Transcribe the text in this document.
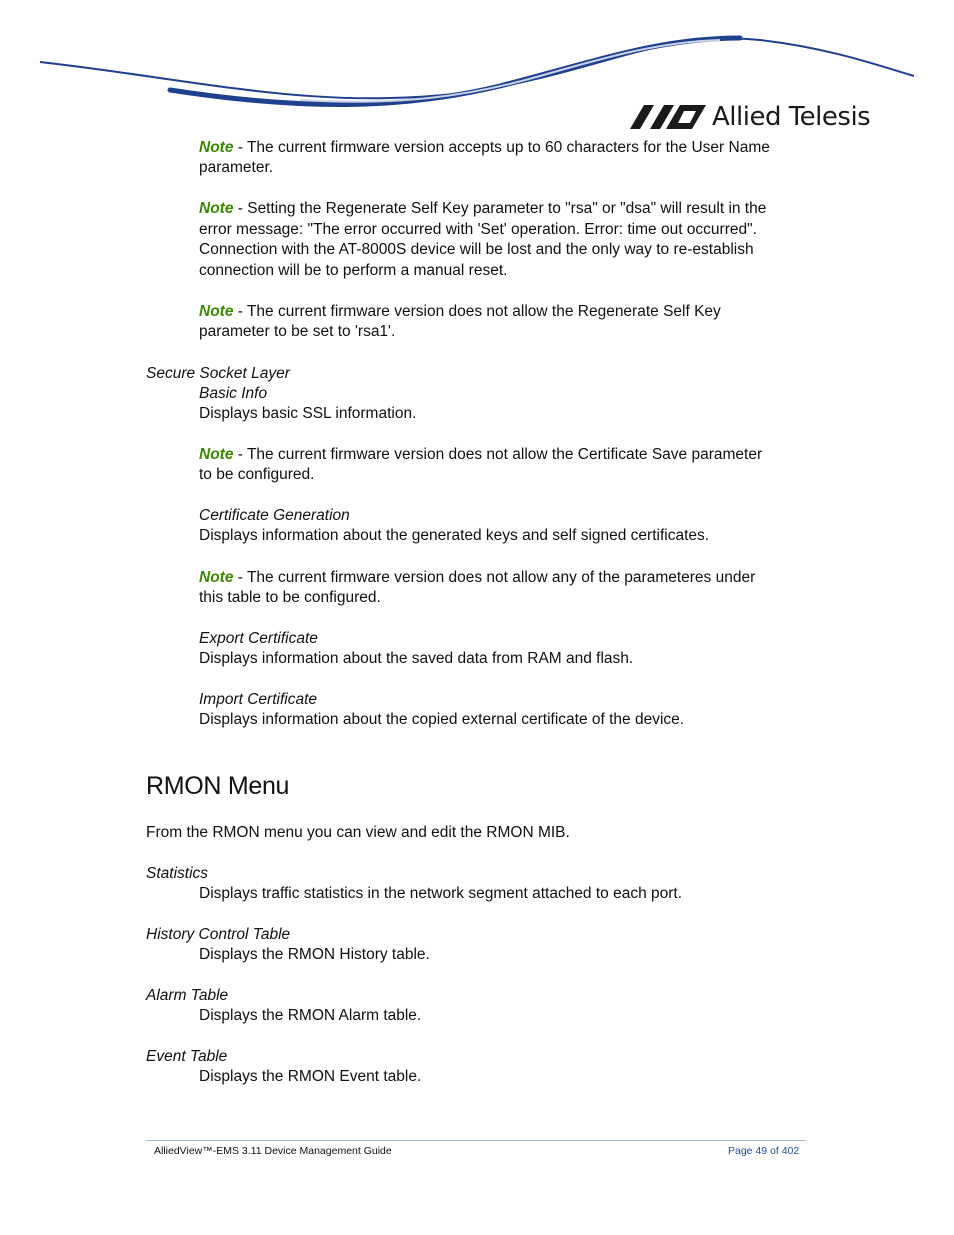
Allied Telesis

Note - The current firmware version accepts up to 60 characters for the User Name

parameter.

Note - Setting the Regenerate Self Key parameter to "rsa" or "dsa" will result in the

error message: "The error occurred with 'Set' operation. Error: time out occurred".

Connection with the AT-8000S device will be lost and the only way to re-establish

connection will be to perform a manual reset.

Note - The current firmware version does not allow the Regenerate Self Key

parameter to be set to 'rsa1'.

Secure Socket Layer

Basic Info

Displays basic SSL information.

Note - The current firmware version does not allow the Certificate Save parameter

to be configured.

Certificate Generation

Displays information about the generated keys and self signed certificates.

Note - The current firmware version does not allow any of the parameteres under

this table to be configured.

Export Certificate

Displays information about the saved data from RAM and flash.

Import Certificate

Displays information about the copied external certificate of the device.

RMON Menu

From the RMON menu you can view and edit the RMON MIB.

Statistics

Displays traffic statistics in the network segment attached to each port.

History Control Table

Displays the RMON History table.

Alarm Table

Displays the RMON Alarm table.

Event Table

Displays the RMON Event table.

AlliedView™-EMS 3.11 Device Management Guide	Page 49 of 402
